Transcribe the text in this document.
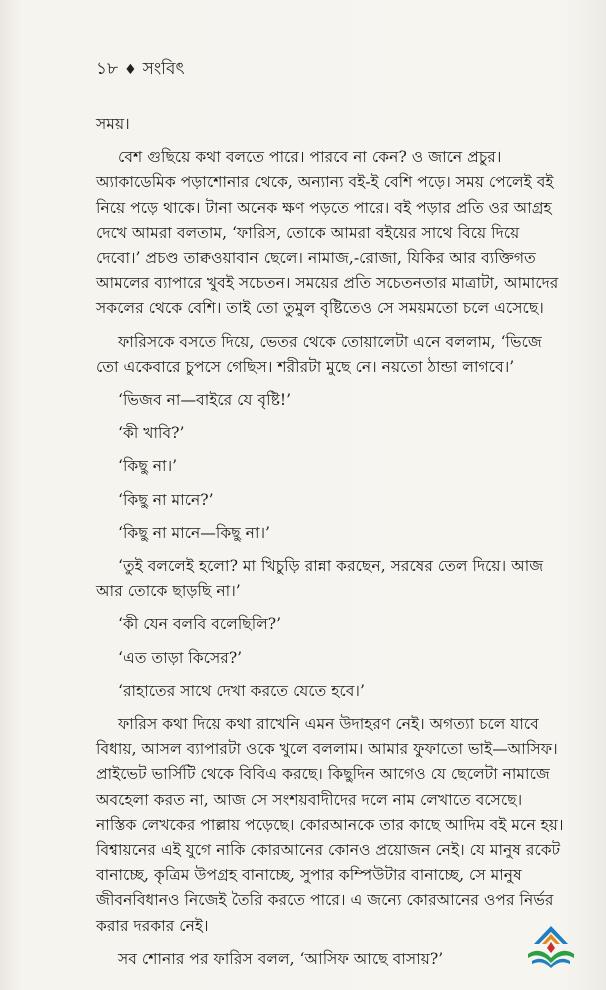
১৮ ♦ সংবিৎ

সময়।

বেশ গুছিয়ে কথা বলতে পারে। পারবে না কেন? ও জানে প্রচুর। অ্যাকাডেমিক পড়াশোনার থেকে, অন্যান্য বই-ই বেশি পড়ে। সময় পেলেই বই নিয়ে পড়ে থাকে। টানা অনেক ক্ষণ পড়তে পারে। বই পড়ার প্রতি ওর আগ্রহ দেখে আমরা বলতাম, ‘ফারিস, তোকে আমরা বইয়ের সাথে বিয়ে দিয়ে দেবো।’ প্রচণ্ড তাক্বওয়াবান ছেলে। নামাজ,-রোজা, যিকির আর ব্যক্তিগত আমলের ব্যাপারে খুবই সচেতন। সময়ের প্রতি সচেতনতার মাত্রাটা, আমাদের সকলের থেকে বেশি। তাই তো তুমুল বৃষ্টিতেও সে সময়মতো চলে এসেছে।

ফারিসকে বসতে দিয়ে, ভেতর থেকে তোয়ালেটা এনে বললাম, ‘ভিজে তো একেবারে চুপসে গেছিস। শরীরটা মুছে নে। নয়তো ঠান্ডা লাগবে।’

‘ভিজব না—বাইরে যে বৃষ্টি!’

‘কী খাবি?’

‘কিছু না।’

‘কিছু না মানে?’

‘কিছু না মানে—কিছু না।’

‘তুই বললেই হলো? মা খিচুড়ি রান্না করছেন, সরষের তেল দিয়ে। আজ আর তোকে ছাড়ছি না।’

‘কী যেন বলবি বলেছিলি?’

‘এত তাড়া কিসের?’

‘রাহাতের সাথে দেখা করতে যেতে হবে।’

ফারিস কথা দিয়ে কথা রাখেনি এমন উদাহরণ নেই। অগত্যা চলে যাবে বিধায়, আসল ব্যাপারটা ওকে খুলে বললাম। আমার ফুফাতো ভাই—আসিফ। প্রাইভেট ভার্সিটি থেকে বিবিএ করছে। কিছুদিন আগেও যে ছেলেটা নামাজে অবহেলা করত না, আজ সে সংশয়বাদীদের দলে নাম লেখাতে বসেছে। নাস্তিক লেখকের পাল্লায় পড়েছে। কোরআনকে তার কাছে আদিম বই মনে হয়। বিশ্বায়নের এই যুগে নাকি কোরআনের কোনও প্রয়োজন নেই। যে মানুষ রকেট বানাচ্ছে, কৃত্রিম উপগ্রহ বানাচ্ছে, সুপার কম্পিউটার বানাচ্ছে, সে মানুষ জীবনবিধানও নিজেই তৈরি করতে পারে। এ জন্যে কোরআনের ওপর নির্ভর করার দরকার নেই।

সব শোনার পর ফারিস বলল, ‘আসিফ আছে বাসায়?’
